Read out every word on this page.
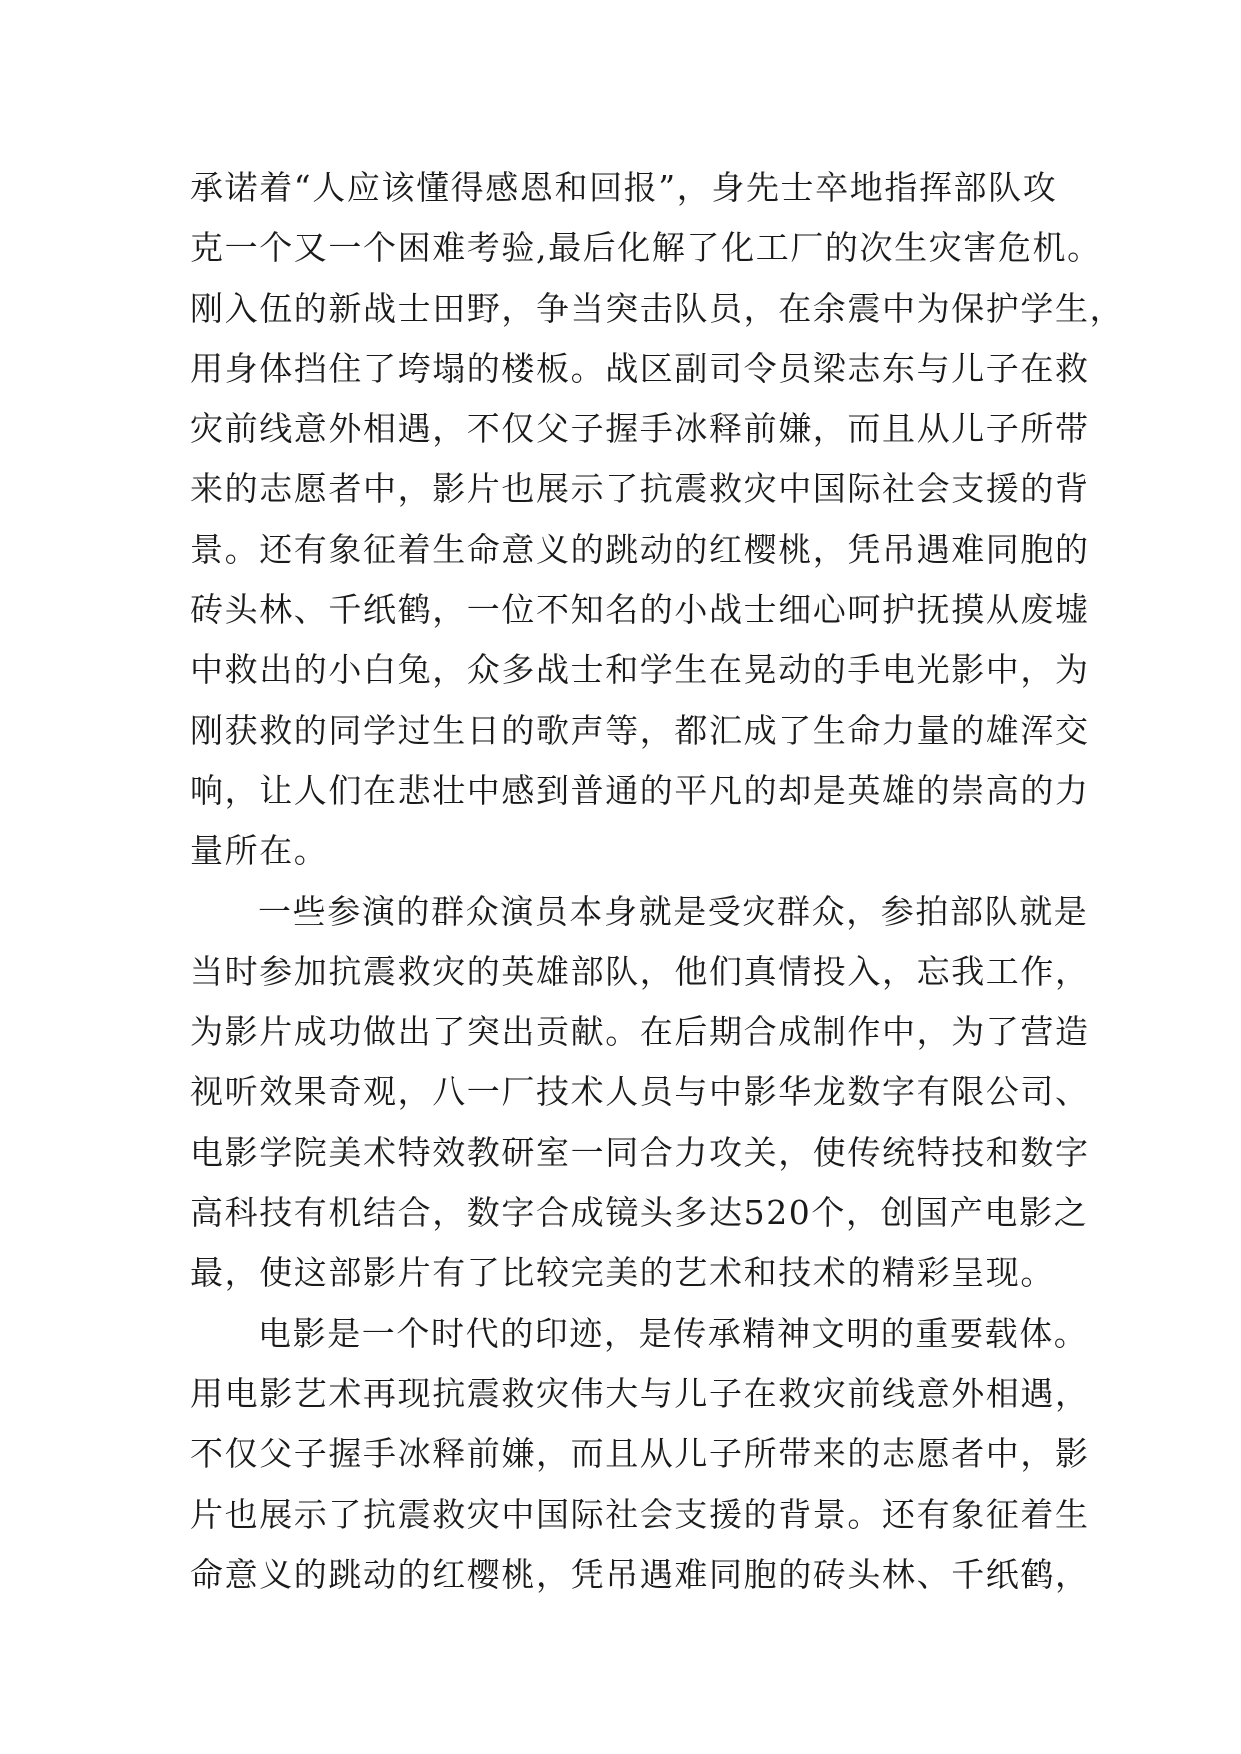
承诺着“人应该懂得感恩和回报”，身先士卒地指挥部队攻
克一个又一个困难考验,最后化解了化工厂的次生灾害危机。
刚入伍的新战士田野，争当突击队员，在余震中为保护学生，
用身体挡住了垮塌的楼板。战区副司令员梁志东与儿子在救
灾前线意外相遇，不仅父子握手冰释前嫌，而且从儿子所带
来的志愿者中，影片也展示了抗震救灾中国际社会支援的背
景。还有象征着生命意义的跳动的红樱桃，凭吊遇难同胞的
砖头林、千纸鹤，一位不知名的小战士细心呵护抚摸从废墟
中救出的小白兔，众多战士和学生在晃动的手电光影中，为
刚获救的同学过生日的歌声等，都汇成了生命力量的雄浑交
响，让人们在悲壮中感到普通的平凡的却是英雄的崇高的力
量所在。
一些参演的群众演员本身就是受灾群众，参拍部队就是
当时参加抗震救灾的英雄部队，他们真情投入，忘我工作，
为影片成功做出了突出贡献。在后期合成制作中，为了营造
视听效果奇观，八一厂技术人员与中影华龙数字有限公司、
电影学院美术特效教研室一同合力攻关，使传统特技和数字
高科技有机结合，数字合成镜头多达520个，创国产电影之
最，使这部影片有了比较完美的艺术和技术的精彩呈现。
电影是一个时代的印迹，是传承精神文明的重要载体。
用电影艺术再现抗震救灾伟大与儿子在救灾前线意外相遇，
不仅父子握手冰释前嫌，而且从儿子所带来的志愿者中，影
片也展示了抗震救灾中国际社会支援的背景。还有象征着生
命意义的跳动的红樱桃，凭吊遇难同胞的砖头林、千纸鹤，
